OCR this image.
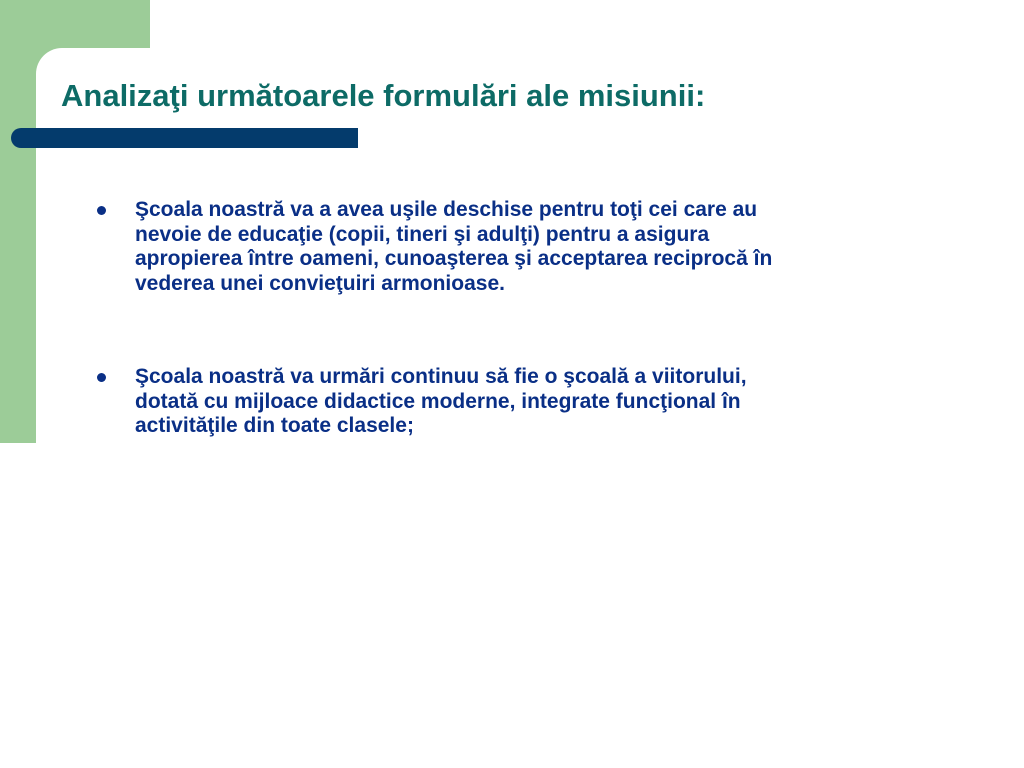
Analizaţi următoarele formulări ale misiunii:
Şcoala noastră va a avea uşile deschise pentru toţi cei care au
nevoie de educaţie (copii, tineri şi adulţi) pentru a asigura
apropierea între oameni, cunoaşterea şi acceptarea reciprocă în
vederea unei convieţuiri armonioase.
Şcoala noastră va urmări continuu să fie o şcoală a viitorului,
dotată cu mijloace didactice moderne, integrate funcţional în
activităţile din toate clasele;
